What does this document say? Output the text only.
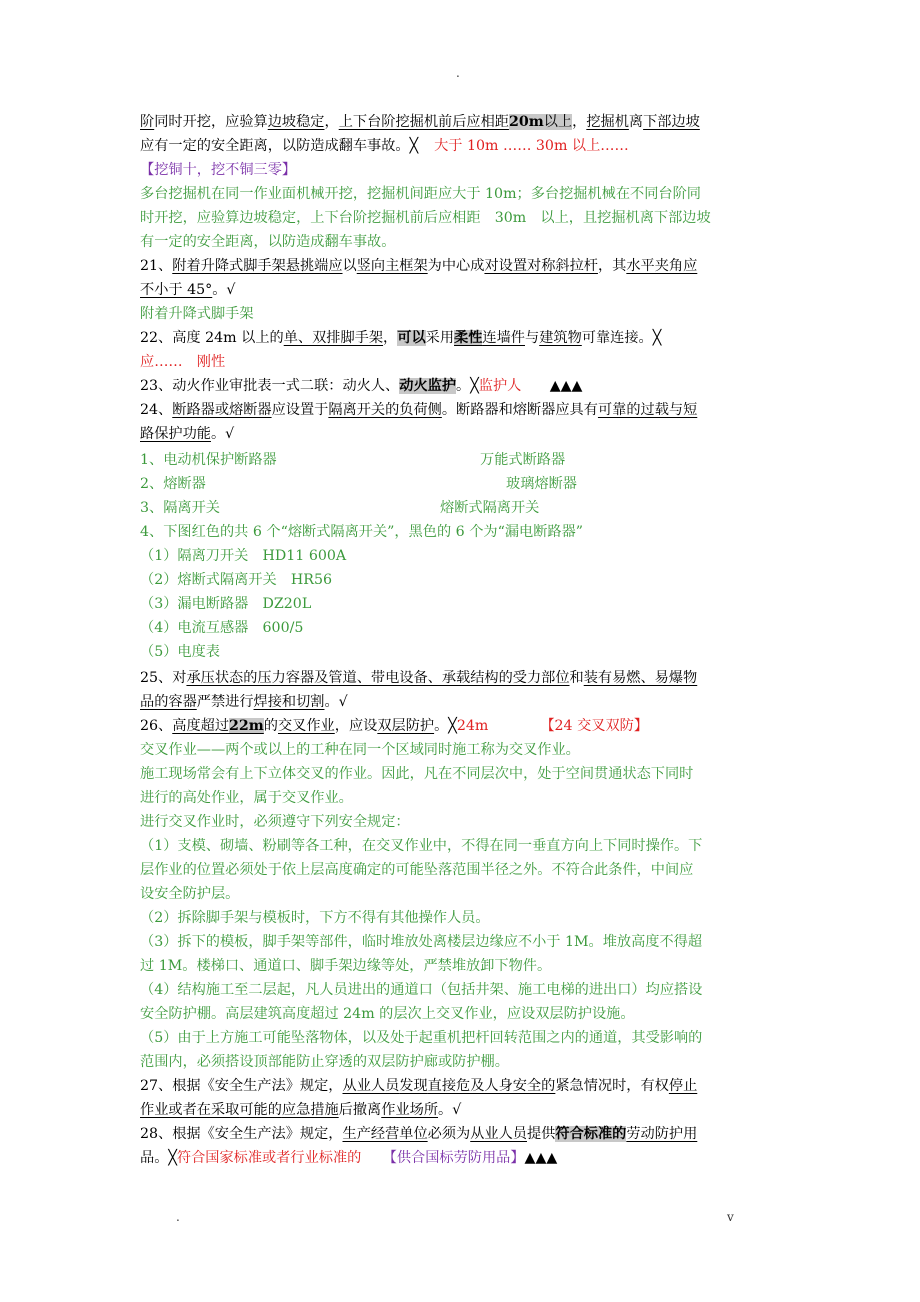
.
阶同时开挖，应验算边坡稳定，上下台阶挖掘机前后应相距20m以上，挖掘机离下部边坡
应有一定的安全距离，以防造成翻车事故。╳ 大于 10m …… 30m 以上……
【挖铜十，挖不铜三零】
多台挖掘机在同一作业面机械开挖，挖掘机间距应大于 10m；多台挖掘机械在不同台阶同
时开挖，应验算边坡稳定，上下台阶挖掘机前后应相距　30m　以上，且挖掘机离下部边坡
有一定的安全距离，以防造成翻车事故。
21、附着升降式脚手架悬挑端应以竖向主框架为中心成对设置对称斜拉杆，其水平夹角应
不小于 45°。√
附着升降式脚手架
22、高度 24m 以上的单、双排脚手架，可以采用柔性连墙件与建筑物可靠连接。╳
应……　刚性
23、动火作业审批表一式二联：动火人、动火监护。╳监护人　　▲▲▲
24、断路器或熔断器应设置于隔离开关的负荷侧。断路器和熔断器应具有可靠的过载与短
路保护功能。√
1、电动机保护断路器	万能式断路器
2、熔断器	玻璃熔断器
3、隔离开关	熔断式隔离开关
4、下图红色的共 6 个“熔断式隔离开关”，黑色的 6 个为“漏电断路器”
（1）隔离刀开关　HD11 600A
（2）熔断式隔离开关　HR56
（3）漏电断路器　DZ20L
（4）电流互感器　600/5
（5）电度表
25、对承压状态的压力容器及管道、带电设备、承载结构的受力部位和装有易燃、易爆物
品的容器严禁进行焊接和切割。√
26、高度超过22m的交叉作业，应设双层防护。╳24m	【24 交叉双防】
交叉作业——两个或以上的工种在同一个区域同时施工称为交叉作业。
施工现场常会有上下立体交叉的作业。因此，凡在不同层次中，处于空间贯通状态下同时
进行的高处作业，属于交叉作业。
进行交叉作业时，必须遵守下列安全规定：
（1）支模、砌墙、粉刷等各工种，在交叉作业中，不得在同一垂直方向上下同时操作。下
层作业的位置必须处于依上层高度确定的可能坠落范围半径之外。不符合此条件，中间应
设安全防护层。
（2）拆除脚手架与模板时，下方不得有其他操作人员。
（3）拆下的模板，脚手架等部件，临时堆放处离楼层边缘应不小于 1M。堆放高度不得超
过 1M。楼梯口、通道口、脚手架边缘等处，严禁堆放卸下物件。
（4）结构施工至二层起，凡人员进出的通道口（包括井架、施工电梯的进出口）均应搭设
安全防护棚。高层建筑高度超过 24m 的层次上交叉作业，应设双层防护设施。
（5）由于上方施工可能坠落物体，以及处于起重机把杆回转范围之内的通道，其受影响的
范围内，必须搭设顶部能防止穿透的双层防护廊或防护棚。
27、根据《安全生产法》规定，从业人员发现直接危及人身安全的紧急情况时，有权停止
作业或者在采取可能的应急措施后撤离作业场所。√
28、根据《安全生产法》规定，生产经营单位必须为从业人员提供符合标准的劳动防护用
品。╳符合国家标准或者行业标准的　　 【供合国标劳防用品】▲▲▲
.	v
